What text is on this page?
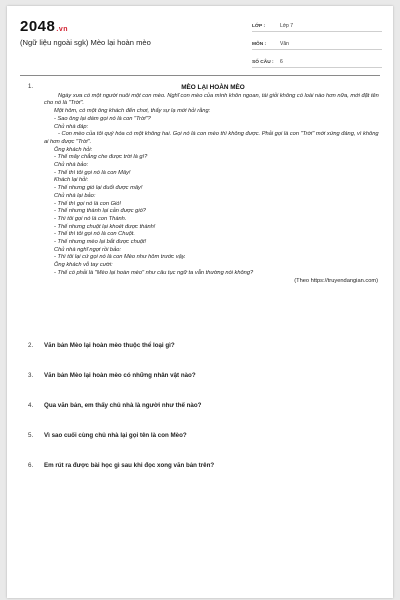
2048.vn
(Ngữ liệu ngoài sgk) Mèo lại hoàn mèo
LỚP :	Lớp 7
MÔN :	Văn
SỐ CÂU :	6
1.	MÈO LẠI HOÀN MÈO

Ngày xưa có một người nuôi một con mèo. Nghĩ con mèo của mình khôn ngoan, tài giỏi không có loài nào hơn nữa, mới đặt tên cho nó là "Trời".

Một hôm, có một ông khách đến chơi, thấy sự lạ mới hỏi rằng:

- Sao ông lại dám gọi nó là con "Trời"?

Chủ nhà đáp:

- Con mèo của tôi quý hóa có một không hai. Gọi nó là con mèo thì không được. Phải gọi là con "Trời" mới xứng đáng, vì không ai hơn được "Trời".

Ông khách hỏi:

- Thế mây chẳng che được trời là gì?

Chủ nhà bảo:

- Thế thì tôi gọi nó là con Mây!

Khách lại hỏi:

- Thế nhưng gió lại đuổi được mây!

Chủ nhà lại bảo:

- Thế thì gọi nó là con Gió!

- Thế nhưng thành lại cản được gió?

- Thì tôi gọi nó là con Thành.

- Thế nhưng chuột lại khoét được thành!

- Thế thì tôi gọi nó là con Chuột.

- Thế nhưng mèo lại bắt được chuột!

Chủ nhà nghĩ ngợi rồi bảo:

- Thì tôi lại cứ gọi nó là con Mèo như hôm trước vậy.

Ông khách vỗ tay cười:

- Thế có phải là "Mèo lại hoàn mèo" như câu tục ngữ ta vẫn thường nói không?

(Theo https://truyendangian.com)

2. Văn bản Mèo lại hoàn mèo thuộc thể loại gì?
3. Văn bản Mèo lại hoàn mèo có những nhân vật nào?
4. Qua văn bản, em thấy chủ nhà là người như thế nào?
5. Vì sao cuối cùng chủ nhà lại gọi tên là con Mèo?
6. Em rút ra được bài học gì sau khi đọc xong văn bản trên?
